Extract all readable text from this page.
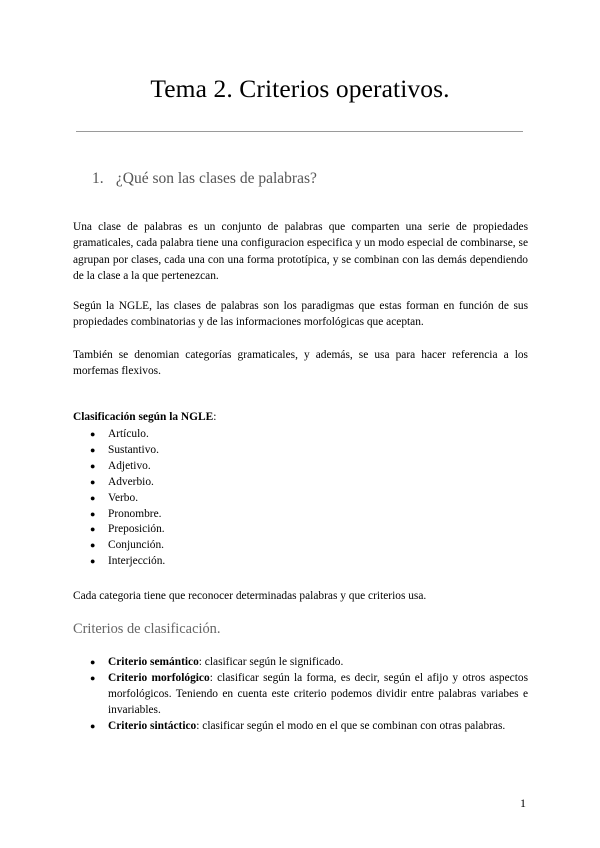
Tema 2. Criterios operativos.
1. ¿Qué son las clases de palabras?

Una clase de palabras es un conjunto de palabras que comparten una serie de propiedades gramaticales, cada palabra tiene una configuracion especifica y un modo especial de combinarse, se agrupan por clases, cada una con una forma prototípica, y se combinan con las demás dependiendo de la clase a la que pertenezcan.

Según la NGLE, las clases de palabras son los paradigmas que estas forman en función de sus propiedades combinatorias y de las informaciones morfológicas que aceptan.

También se denomian categorías gramaticales, y además, se usa para hacer referencia a los morfemas flexivos.

Clasificación según la NGLE:

● Artículo.
● Sustantivo.
● Adjetivo.
● Adverbio.
● Verbo.
● Pronombre.
● Preposición.
● Conjunción.
● Interjección.

Cada categoria tiene que reconocer determinadas palabras y que criterios usa.

Criterios de clasificación.
● Criterio semántico: clasificar según le significado.
● Criterio morfológico: clasificar según la forma, es decir, según el afijo y otros aspectos morfológicos. Teniendo en cuenta este criterio podemos dividir entre palabras variabes e invariables.
● Criterio sintáctico: clasificar según el modo en el que se combinan con otras palabras.

1
